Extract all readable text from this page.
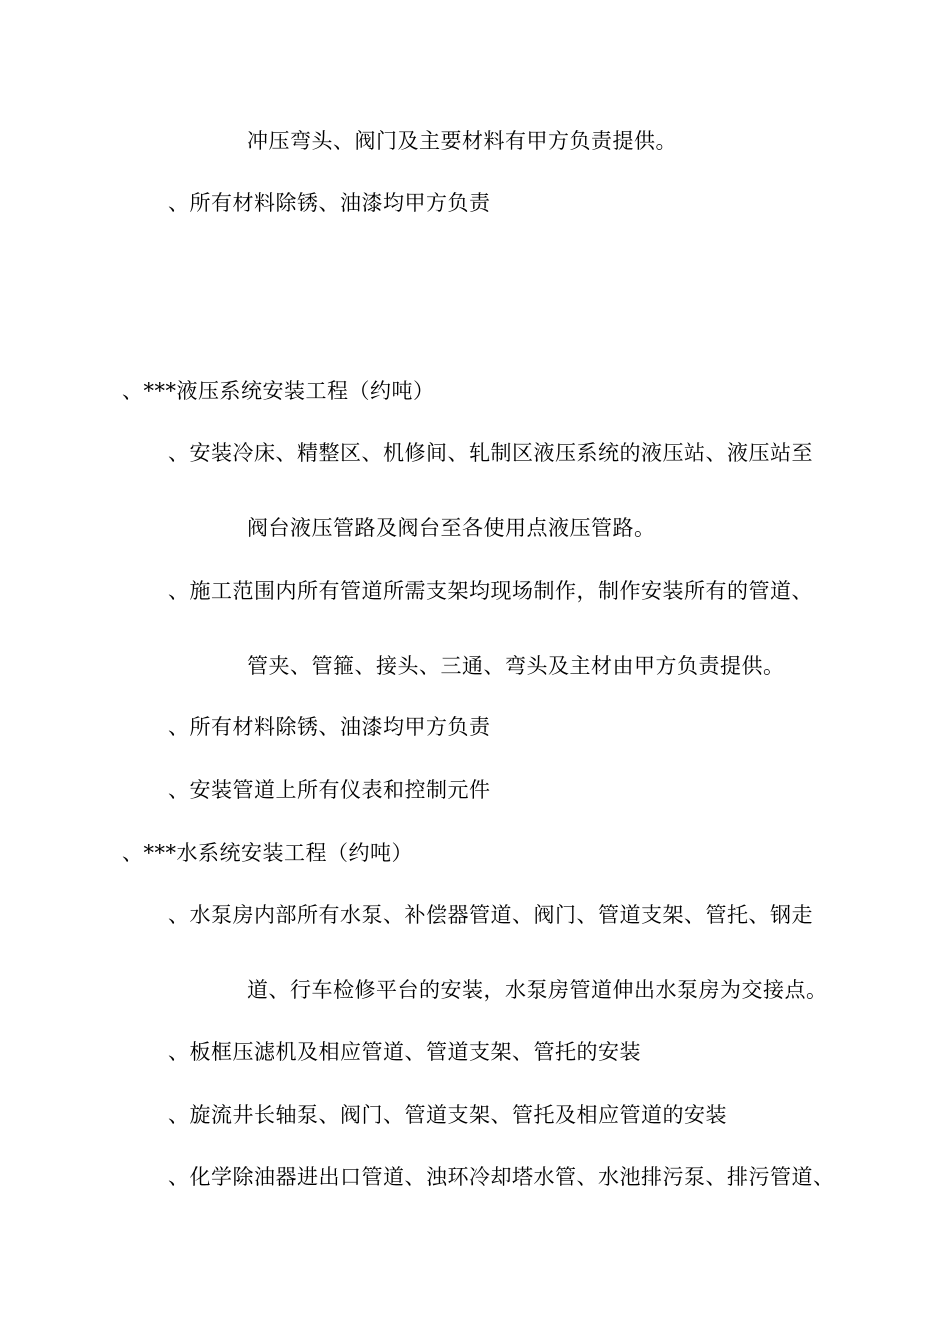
冲压弯头、阀门及主要材料有甲方负责提供。
、所有材料除锈、油漆均甲方负责
、***液压系统安装工程（约吨）
、安装冷床、精整区、机修间、轧制区液压系统的液压站、液压站至
阀台液压管路及阀台至各使用点液压管路。
、施工范围内所有管道所需支架均现场制作，制作安装所有的管道、
管夹、管箍、接头、三通、弯头及主材由甲方负责提供。
、所有材料除锈、油漆均甲方负责
、安装管道上所有仪表和控制元件
、***水系统安装工程（约吨）
、水泵房内部所有水泵、补偿器管道、阀门、管道支架、管托、钢走
道、行车检修平台的安装，水泵房管道伸出水泵房为交接点。
、板框压滤机及相应管道、管道支架、管托的安装
、旋流井长轴泵、阀门、管道支架、管托及相应管道的安装
、化学除油器进出口管道、浊环冷却塔水管、水池排污泵、排污管道、
